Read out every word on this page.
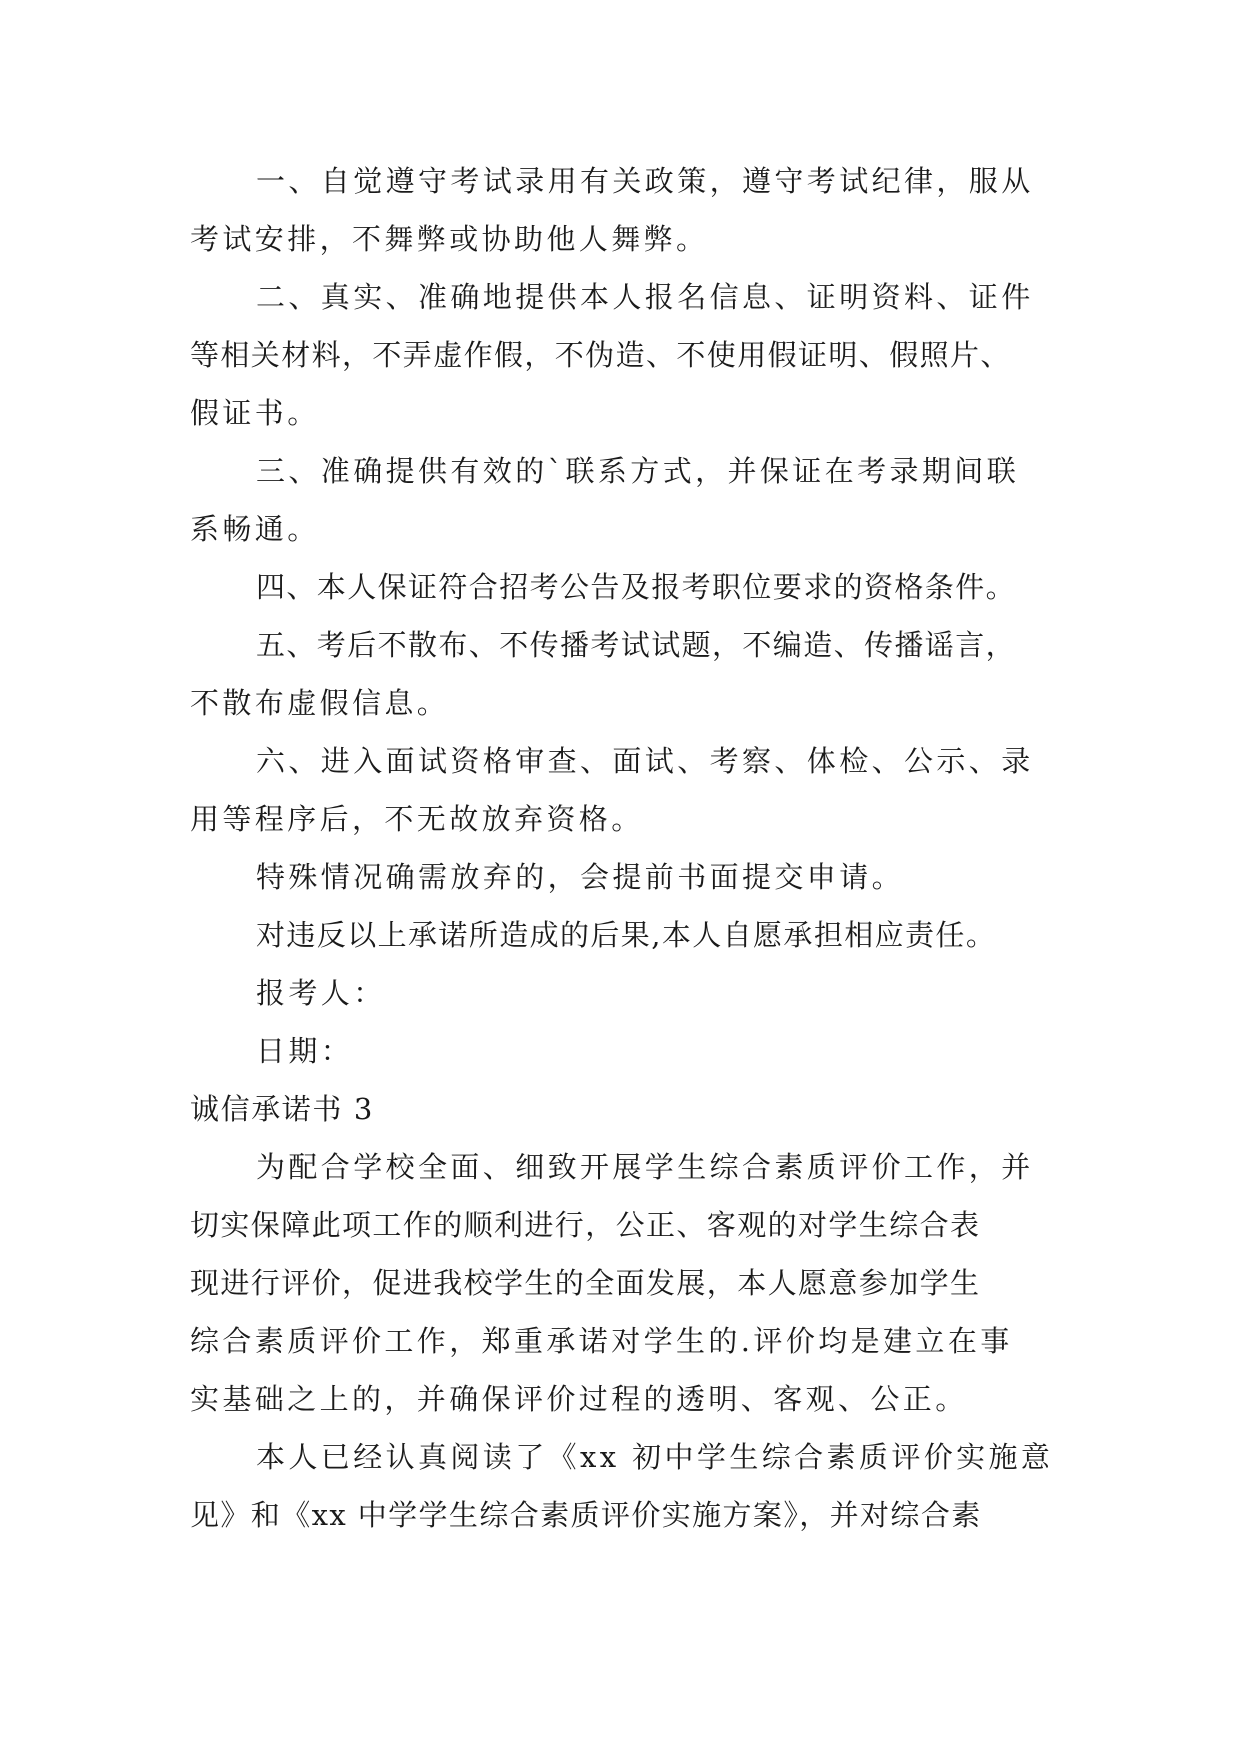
一、自觉遵守考试录用有关政策，遵守考试纪律，服从
考试安排，不舞弊或协助他人舞弊。
二、真实、准确地提供本人报名信息、证明资料、证件
等相关材料，不弄虚作假，不伪造、不使用假证明、假照片、
假证书。
三、准确提供有效的`联系方式，并保证在考录期间联
系畅通。
四、本人保证符合招考公告及报考职位要求的资格条件。
五、考后不散布、不传播考试试题，不编造、传播谣言，
不散布虚假信息。
六、进入面试资格审查、面试、考察、体检、公示、录
用等程序后，不无故放弃资格。
特殊情况确需放弃的，会提前书面提交申请。
对违反以上承诺所造成的后果,本人自愿承担相应责任。
报考人：
日期：
诚信承诺书 3
为配合学校全面、细致开展学生综合素质评价工作，并
切实保障此项工作的顺利进行，公正、客观的对学生综合表
现进行评价，促进我校学生的全面发展，本人愿意参加学生
综合素质评价工作，郑重承诺对学生的.评价均是建立在事
实基础之上的，并确保评价过程的透明、客观、公正。
本人已经认真阅读了《xx 初中学生综合素质评价实施意
见》和《xx 中学学生综合素质评价实施方案》，并对综合素
